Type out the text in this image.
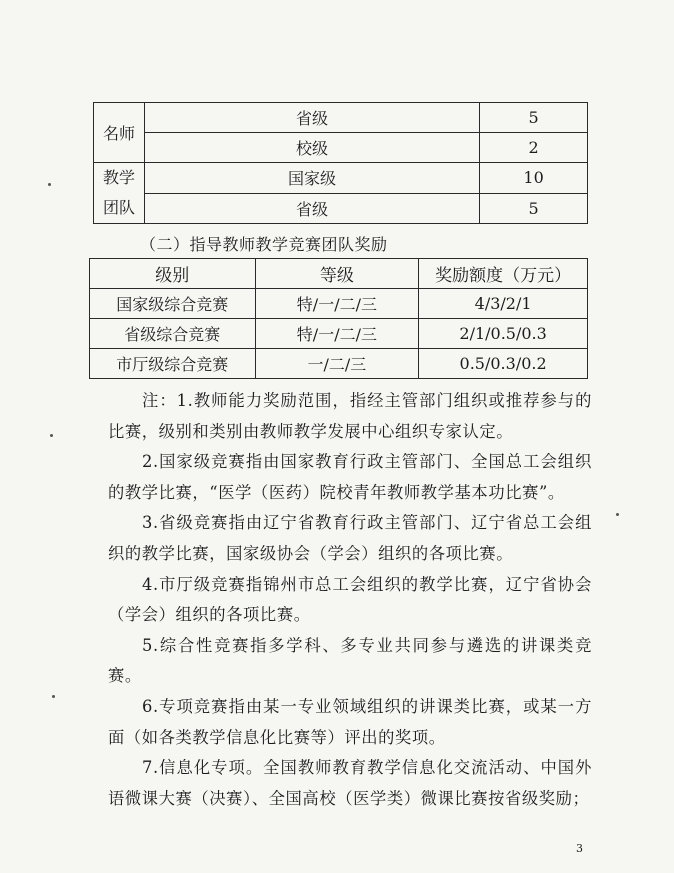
名师	省级	5
	校级	2
教学
团队	国家级	10
	省级	5
（二）指导教师教学竞赛团队奖励
级别	等级	奖励额度（万元）
国家级综合竞赛	特/一/二/三	4/3/2/1
省级综合竞赛	特/一/二/三	2/1/0.5/0.3
市厅级综合竞赛	一/二/三	0.5/0.3/0.2

注：1.教师能力奖励范围，指经主管部门组织或推荐参与的比赛，级别和类别由教师教学发展中心组织专家认定。

2.国家级竞赛指由国家教育行政主管部门、全国总工会组织的教学比赛，“医学（医药）院校青年教师教学基本功比赛”。

3.省级竞赛指由辽宁省教育行政主管部门、辽宁省总工会组织的教学比赛，国家级协会（学会）组织的各项比赛。

4.市厅级竞赛指锦州市总工会组织的教学比赛，辽宁省协会（学会）组织的各项比赛。

5.综合性竞赛指多学科、多专业共同参与遴选的讲课类竞赛。

6.专项竞赛指由某一专业领域组织的讲课类比赛，或某一方面（如各类教学信息化比赛等）评出的奖项。

7.信息化专项。全国教师教育教学信息化交流活动、中国外语微课大赛（决赛）、全国高校（医学类）微课比赛按省级奖励；

3
